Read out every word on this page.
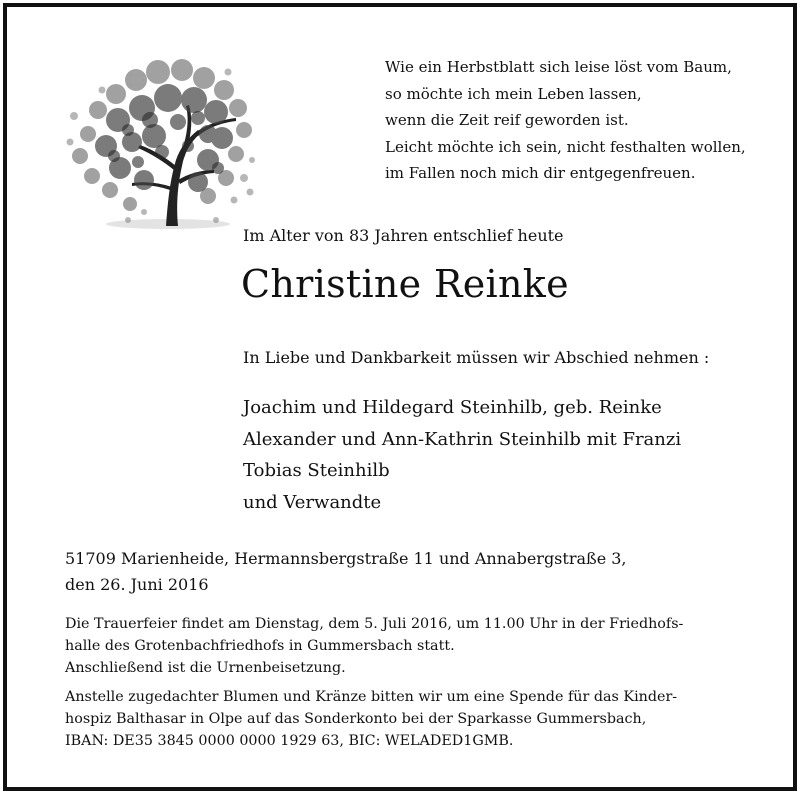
Wie ein Herbstblatt sich leise löst vom Baum,
so möchte ich mein Leben lassen,
wenn die Zeit reif geworden ist.
Leicht möchte ich sein, nicht festhalten wollen,
im Fallen noch mich dir entgegenfreuen.
Im Alter von 83 Jahren entschlief heute
Christine Reinke
In Liebe und Dankbarkeit müssen wir Abschied nehmen :
Joachim und Hildegard Steinhilb, geb. Reinke
Alexander und Ann-Kathrin Steinhilb mit Franzi
Tobias Steinhilb
und Verwandte
51709 Marienheide, Hermannsbergstraße 11 und Annabergstraße 3,
den 26. Juni 2016
Die Trauerfeier findet am Dienstag, dem 5. Juli 2016, um 11.00 Uhr in der Friedhofs-
halle des Grotenbachfriedhofs in Gummersbach statt.
Anschließend ist die Urnenbeisetzung.
Anstelle zugedachter Blumen und Kränze bitten wir um eine Spende für das Kinder-
hospiz Balthasar in Olpe auf das Sonderkonto bei der Sparkasse Gummersbach,
IBAN: DE35 3845 0000 0000 1929 63, BIC: WELADED1GMB.
